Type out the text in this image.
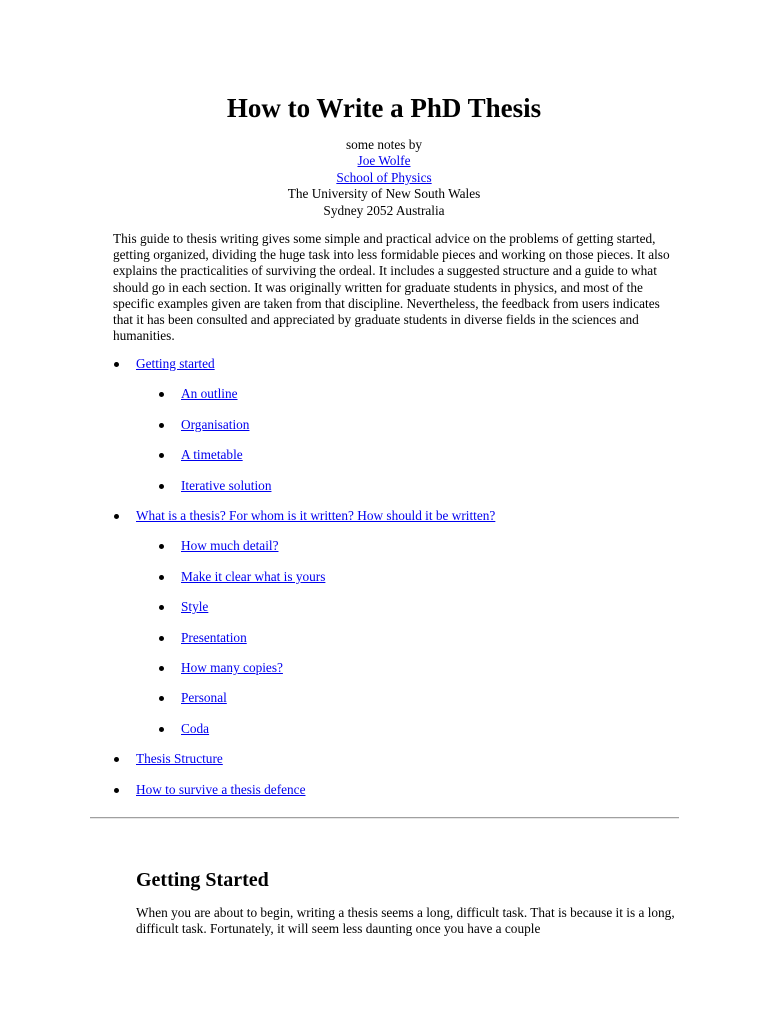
How to Write a PhD Thesis
some notes by
Joe Wolfe
School of Physics
The University of New South Wales
Sydney 2052 Australia

This guide to thesis writing gives some simple and practical advice on the problems of getting started, getting organized, dividing the huge task into less formidable pieces and working on those pieces. It also explains the practicalities of surviving the ordeal. It includes a suggested structure and a guide to what should go in each section. It was originally written for graduate students in physics, and most of the specific examples given are taken from that discipline. Nevertheless, the feedback from users indicates that it has been consulted and appreciated by graduate students in diverse fields in the sciences and humanities.

Getting started
An outline
Organisation
A timetable
Iterative solution
What is a thesis? For whom is it written? How should it be written?
How much detail?
Make it clear what is yours
Style
Presentation
How many copies?
Personal
Coda
Thesis Structure
How to survive a thesis defence
Getting Started

When you are about to begin, writing a thesis seems a long, difficult task. That is because it is a long, difficult task. Fortunately, it will seem less daunting once you have a couple
